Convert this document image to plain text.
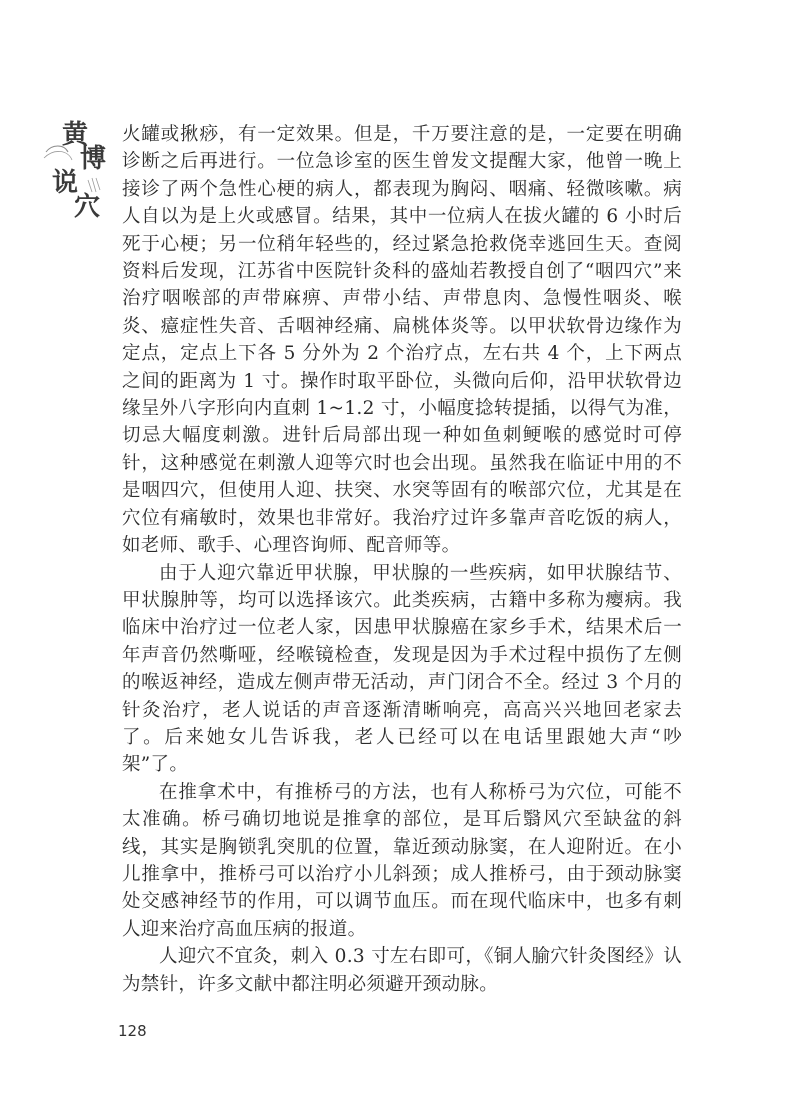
黄
博
说
穴

火罐或揪痧，有一定效果。但是，千万要注意的是，一定要在明确诊断之后再进行。一位急诊室的医生曾发文提醒大家，他曾一晚上接诊了两个急性心梗的病人，都表现为胸闷、咽痛、轻微咳嗽。病人自以为是上火或感冒。结果，其中一位病人在拔火罐的 6 小时后死于心梗；另一位稍年轻些的，经过紧急抢救侥幸逃回生天。查阅资料后发现，江苏省中医院针灸科的盛灿若教授自创了“咽四穴”来治疗咽喉部的声带麻痹、声带小结、声带息肉、急慢性咽炎、喉炎、癔症性失音、舌咽神经痛、扁桃体炎等。以甲状软骨边缘作为定点，定点上下各 5 分外为 2 个治疗点，左右共 4 个，上下两点之间的距离为 1 寸。操作时取平卧位，头微向后仰，沿甲状软骨边缘呈外八字形向内直刺 1~1.2 寸，小幅度捻转提插，以得气为准，切忌大幅度刺激。进针后局部出现一种如鱼刺鲠喉的感觉时可停针，这种感觉在刺激人迎等穴时也会出现。虽然我在临证中用的不是咽四穴，但使用人迎、扶突、水突等固有的喉部穴位，尤其是在穴位有痛敏时，效果也非常好。我治疗过许多靠声音吃饭的病人，如老师、歌手、心理咨询师、配音师等。

由于人迎穴靠近甲状腺，甲状腺的一些疾病，如甲状腺结节、甲状腺肿等，均可以选择该穴。此类疾病，古籍中多称为瘿病。我临床中治疗过一位老人家，因患甲状腺癌在家乡手术，结果术后一年声音仍然嘶哑，经喉镜检查，发现是因为手术过程中损伤了左侧的喉返神经，造成左侧声带无活动，声门闭合不全。经过 3 个月的针灸治疗，老人说话的声音逐渐清晰响亮，高高兴兴地回老家去了。后来她女儿告诉我，老人已经可以在电话里跟她大声“吵架”了。

在推拿术中，有推桥弓的方法，也有人称桥弓为穴位，可能不太准确。桥弓确切地说是推拿的部位，是耳后翳风穴至缺盆的斜线，其实是胸锁乳突肌的位置，靠近颈动脉窦，在人迎附近。在小儿推拿中，推桥弓可以治疗小儿斜颈；成人推桥弓，由于颈动脉窦处交感神经节的作用，可以调节血压。而在现代临床中，也多有刺人迎来治疗高血压病的报道。

人迎穴不宜灸，刺入 0.3 寸左右即可，《铜人腧穴针灸图经》认为禁针，许多文献中都注明必须避开颈动脉。

128
